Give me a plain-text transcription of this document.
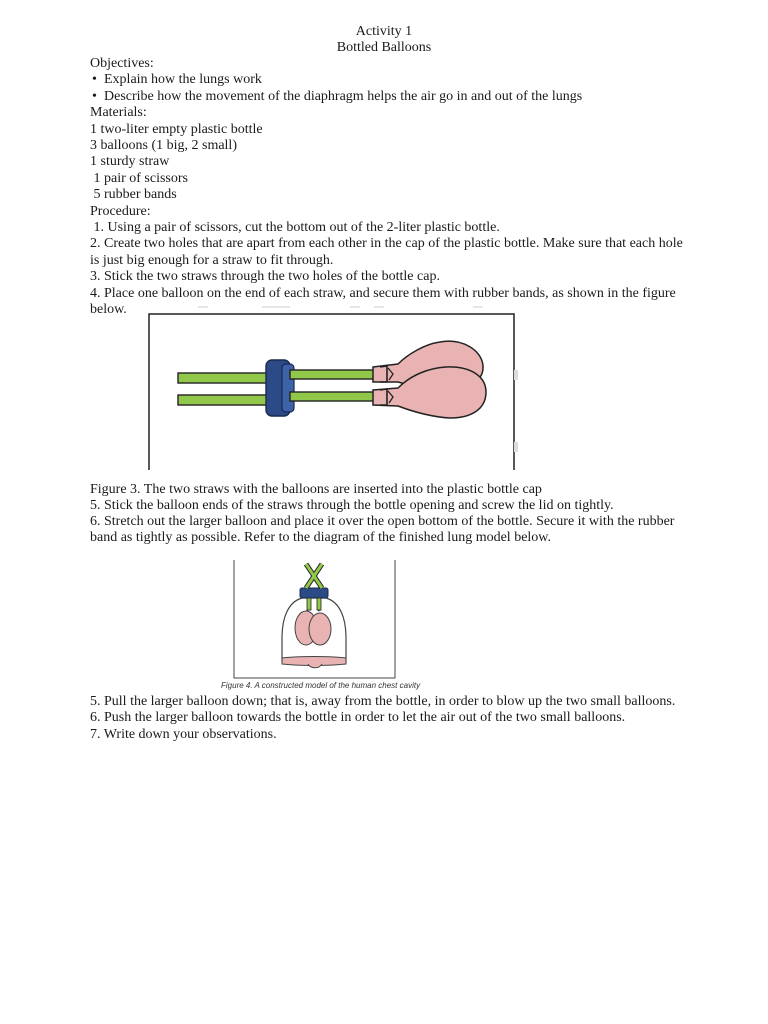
Activity 1
Bottled Balloons
Objectives:
• Explain how the lungs work
• Describe how the movement of the diaphragm helps the air go in and out of the lungs
Materials:
1 two-liter empty plastic bottle
3 balloons (1 big, 2 small)
1 sturdy straw
1 pair of scissors
5 rubber bands
Procedure:
1. Using a pair of scissors, cut the bottom out of the 2-liter plastic bottle.
2. Create two holes that are apart from each other in the cap of the plastic bottle. Make sure that each hole
is just big enough for a straw to fit through.
3. Stick the two straws through the two holes of the bottle cap.
4. Place one balloon on the end of each straw, and secure them with rubber bands, as shown in the figure
below.
Figure 3. The two straws with the balloons are inserted into the plastic bottle cap
5. Stick the balloon ends of the straws through the bottle opening and screw the lid on tightly.
6. Stretch out the larger balloon and place it over the open bottom of the bottle. Secure it with the rubber
band as tightly as possible. Refer to the diagram of the finished lung model below.
Figure 4. A constructed model of the human chest cavity
5. Pull the larger balloon down; that is, away from the bottle, in order to blow up the two small balloons.
6. Push the larger balloon towards the bottle in order to let the air out of the two small balloons.
7. Write down your observations.
